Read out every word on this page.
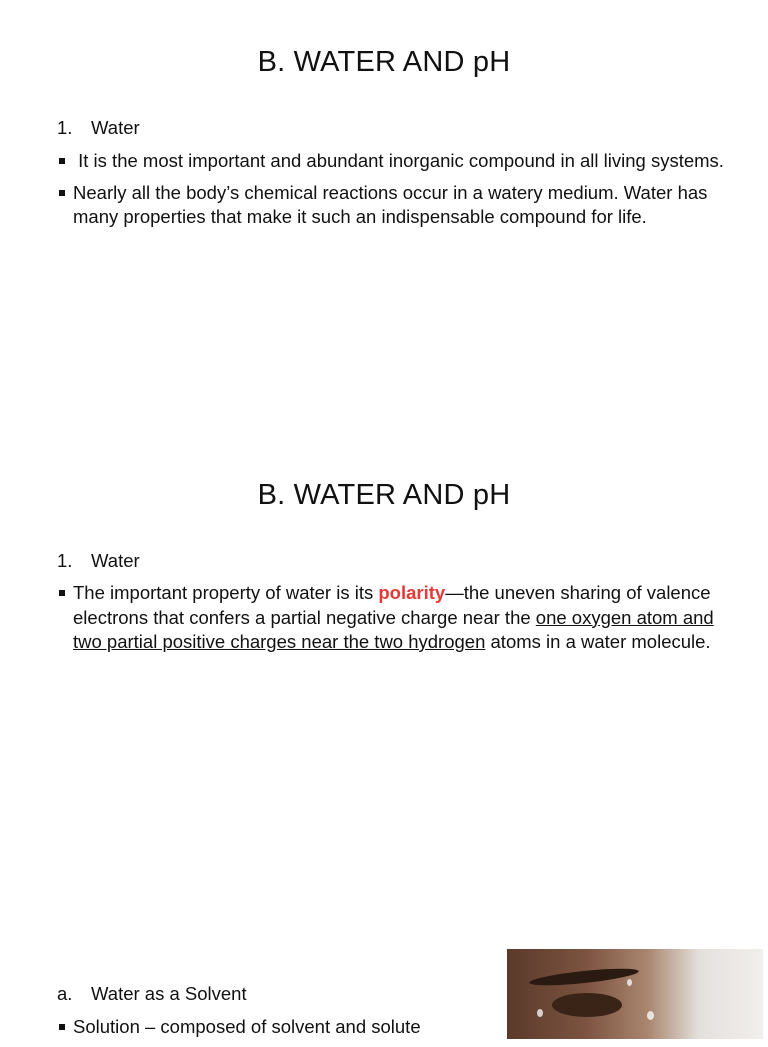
B. WATER AND pH

1. Water

It is the most important and abundant inorganic compound in all living systems.
Nearly all the body’s chemical reactions occur in a watery medium. Water has many properties that make it such an indispensable compound for life.
B. WATER AND pH

1. Water

The important property of water is its polarity—the uneven sharing of valence electrons that confers a partial negative charge near the one oxygen atom and two partial positive charges near the two hydrogen atoms in a water molecule.

a. Water as a Solvent

Solution – composed of solvent and solute
